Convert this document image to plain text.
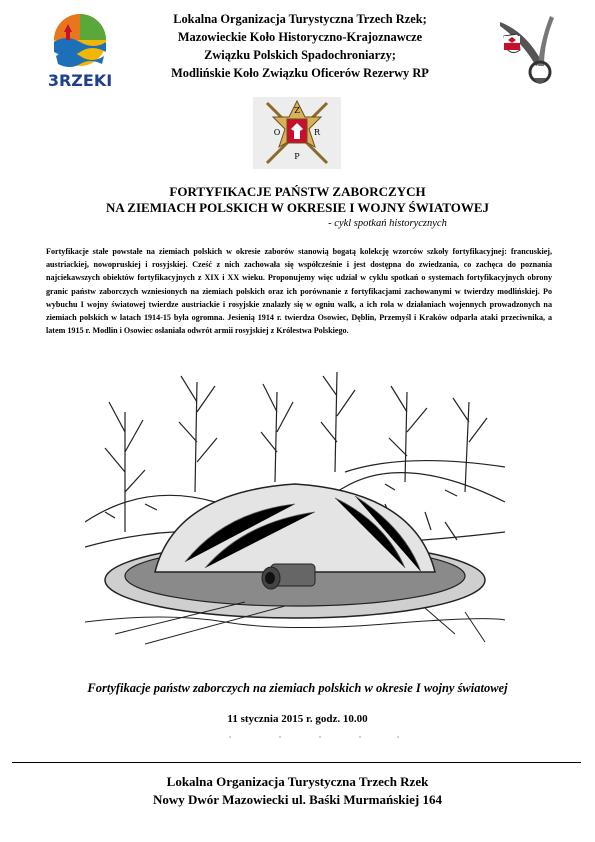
3RZEKI
Lokalna Organizacja Turystyczna Trzech Rzek;
Mazowieckie Koło Historyczno-Krajoznawcze
Związku Polskich Spadochroniarzy;
Modlińskie Koło Związku Oficerów Rezerwy RP
Z
O	R
P
FORTYFIKACJE PAŃSTW ZABORCZYCH
NA ZIEMIACH POLSKICH W OKRESIE I WOJNY ŚWIATOWEJ
- cykl spotkań historycznych
Fortyfikacje stałe powstałe na ziemiach polskich w okresie zaborów stanowią bogatą kolekcję wzorców szkoły fortyfikacyjnej: francuskiej, austriackiej, nowopruskiej i rosyjskiej. Cześć z nich zachowała się współcześnie i jest dostępna do zwiedzania, co zachęca do poznania najciekawszych obiektów fortyfikacyjnych z XIX i XX wieku. Proponujemy więc udział w cyklu spotkań o systemach fortyfikacyjnych obrony granic państw zaborczych wzniesionych na ziemiach polskich oraz ich porównanie z fortyfikacjami zachowanymi w twierdzy modlińskiej. Po wybuchu I wojny światowej twierdze austriackie i rosyjskie znalazły się w ogniu walk, a ich rola w działaniach wojennych prowadzonych na ziemiach polskich w latach 1914-15 była ogromna. Jesienią 1914 r. twierdza Osowiec, Dęblin, Przemyśl i Kraków odparła ataki przeciwnika, a latem 1915 r. Modlin i Osowiec osłaniała odwrót armii rosyjskiej z Królestwa Polskiego.
Fortyfikacje państw zaborczych na ziemiach polskich w okresie I wojny światowej
11 stycznia 2015 r. godz. 10.00
Lokalna Organizacja Turystyczna Trzech Rzek
Nowy Dwór Mazowiecki ul. Baśki Murmańskiej 164
